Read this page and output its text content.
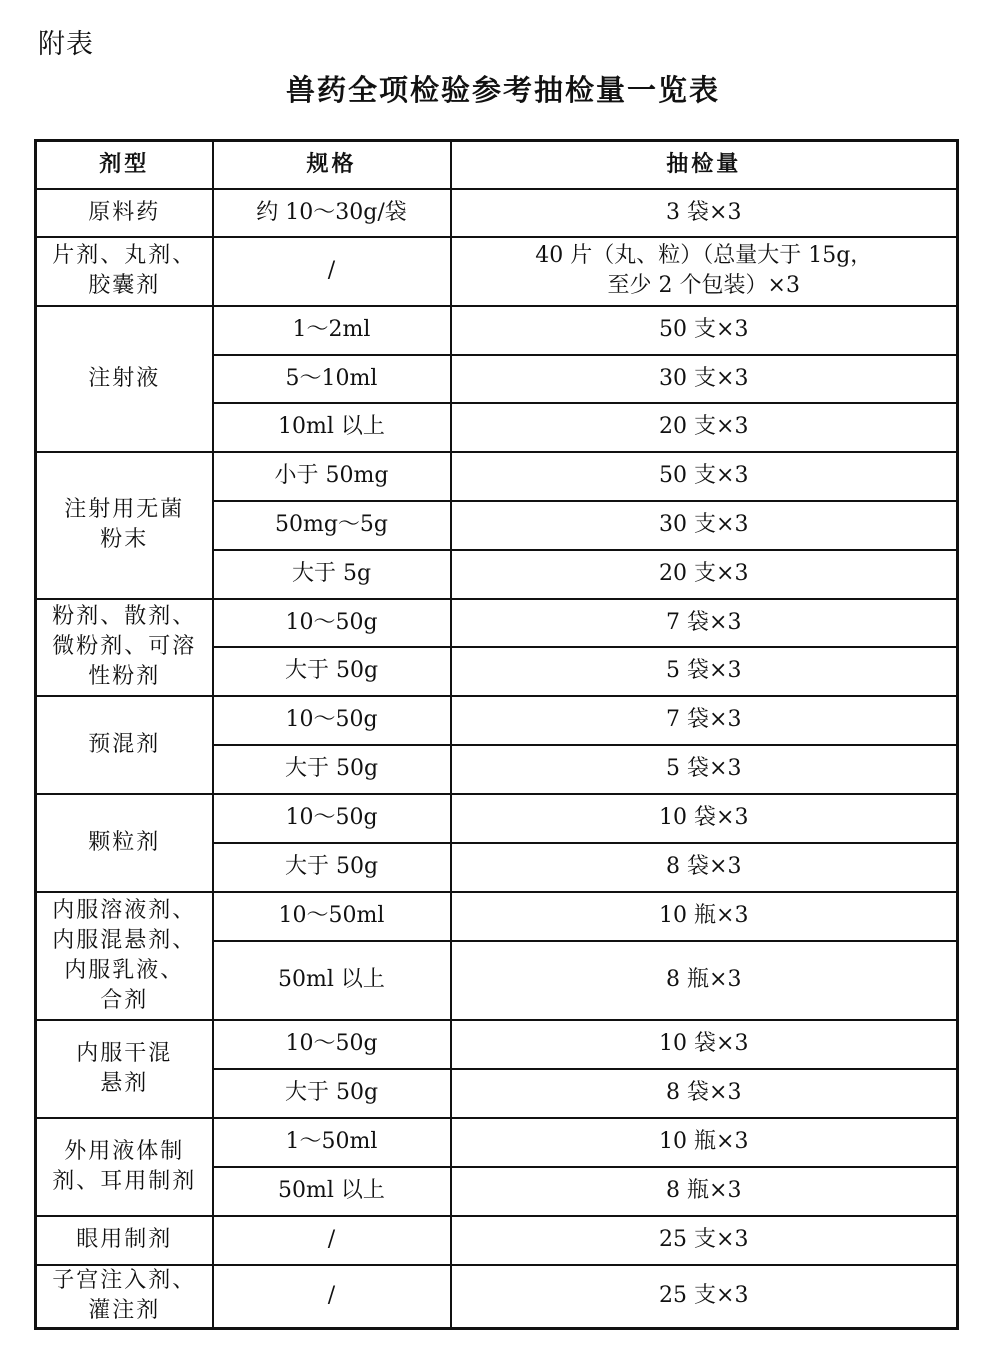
附表
兽药全项检验参考抽检量一览表
剂型	规格	抽检量

原料药	约 10～30g/袋	3 袋×3

片剂、丸剂、
胶囊剂	/	40 片（丸、粒）（总量大于 15g，
至少 2 个包装）×3

注射液	1～2ml	50 支×3

	5～10ml	30 支×3

	10ml 以上	20 支×3

注射用无菌
粉末	小于 50mg	50 支×3

	50mg～5g	30 支×3

	大于 5g	20 支×3

粉剂、散剂、
微粉剂、可溶
性粉剂	10～50g	7 袋×3

	大于 50g	5 袋×3

预混剂	10～50g	7 袋×3

	大于 50g	5 袋×3

颗粒剂	10～50g	10 袋×3

	大于 50g	8 袋×3

内服溶液剂、
内服混悬剂、
内服乳液、
合剂	10～50ml	10 瓶×3

	50ml 以上	8 瓶×3

内服干混
悬剂	10～50g	10 袋×3

	大于 50g	8 袋×3

外用液体制
剂、耳用制剂	1～50ml	10 瓶×3

	50ml 以上	8 瓶×3

眼用制剂	/	25 支×3

子宫注入剂、
灌注剂	/	25 支×3
